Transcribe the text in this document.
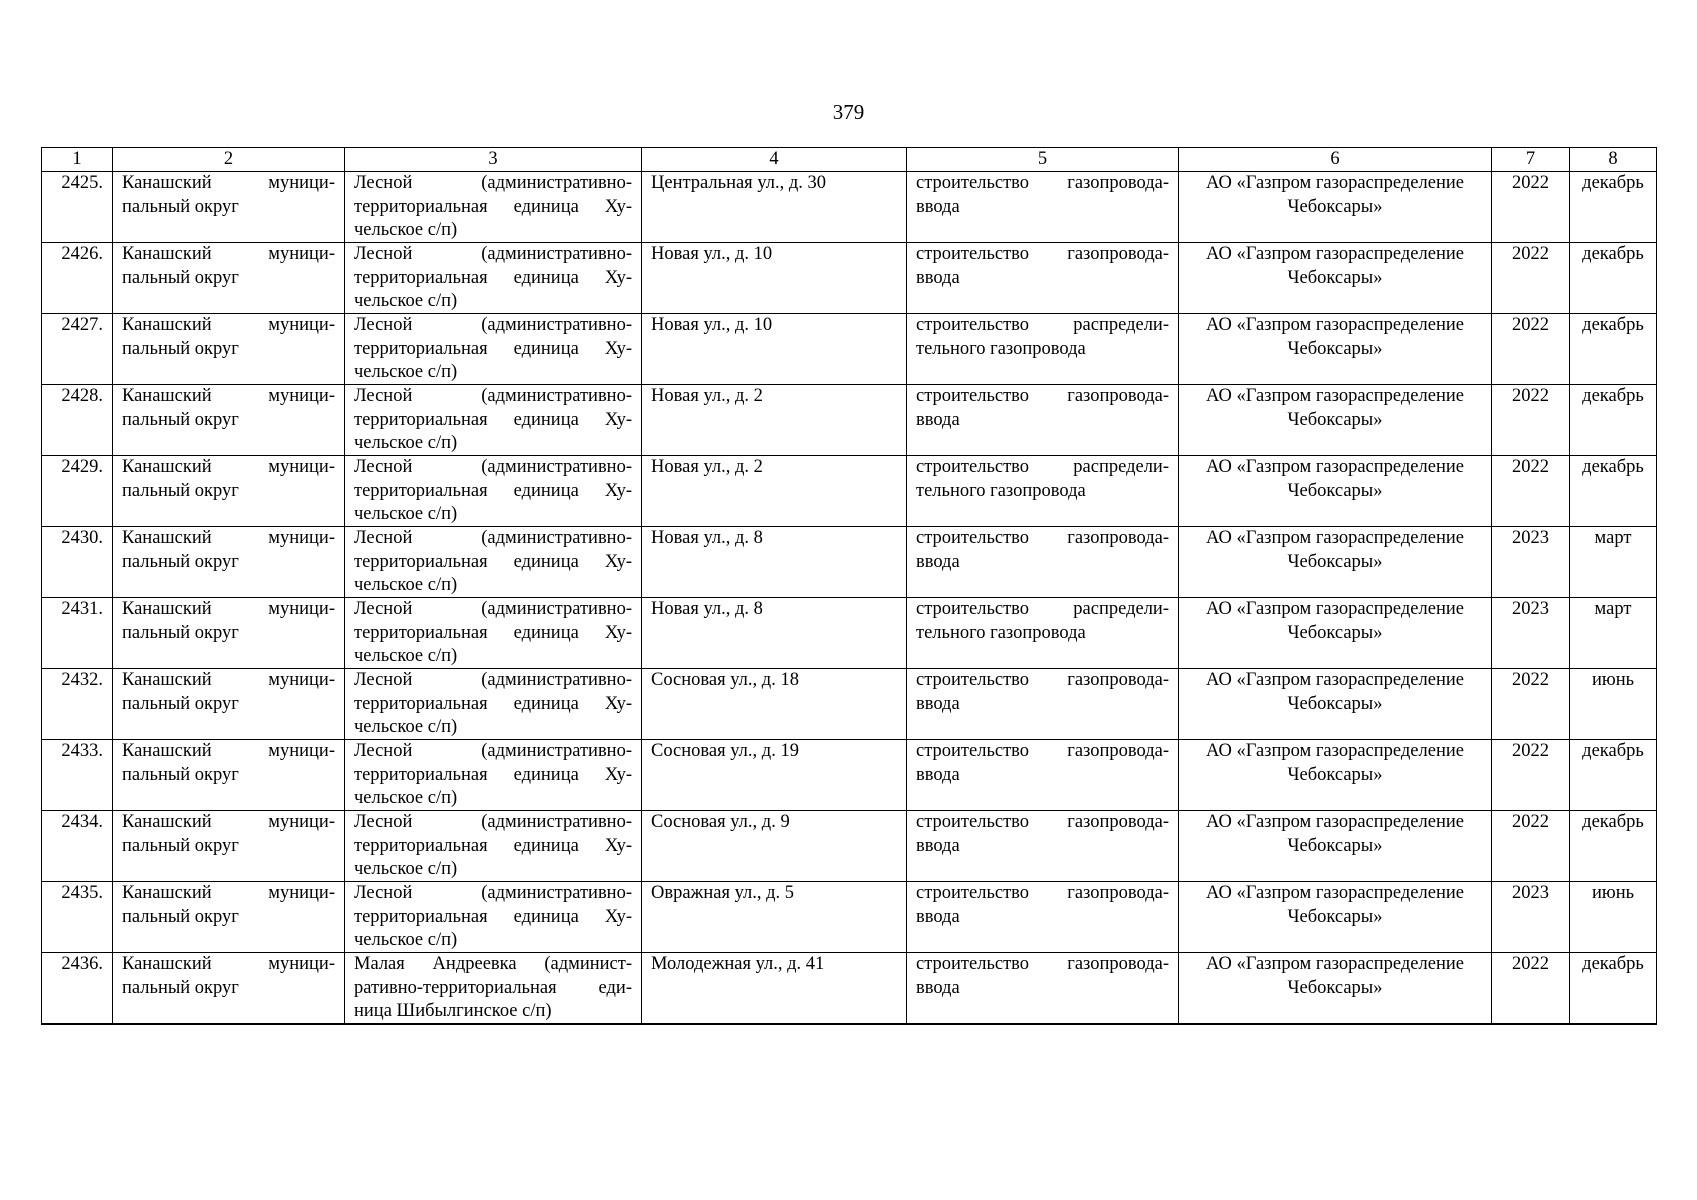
379
1	2	3	4	5	6	7	8
2425.	Канашский муници-пальный округ	Лесной (административно-территориальная единица Ху-чельское с/п)	Центральная ул., д. 30	строительство газопровода-ввода	АО «Газпром газораспределение Чебоксары»	2022	декабрь
2426.	Канашский муници-пальный округ	Лесной (административно-территориальная единица Ху-чельское с/п)	Новая ул., д. 10	строительство газопровода-ввода	АО «Газпром газораспределение Чебоксары»	2022	декабрь
2427.	Канашский муници-пальный округ	Лесной (административно-территориальная единица Ху-чельское с/п)	Новая ул., д. 10	строительство распредели-тельного газопровода	АО «Газпром газораспределение Чебоксары»	2022	декабрь
2428.	Канашский муници-пальный округ	Лесной (административно-территориальная единица Ху-чельское с/п)	Новая ул., д. 2	строительство газопровода-ввода	АО «Газпром газораспределение Чебоксары»	2022	декабрь
2429.	Канашский муници-пальный округ	Лесной (административно-территориальная единица Ху-чельское с/п)	Новая ул., д. 2	строительство распредели-тельного газопровода	АО «Газпром газораспределение Чебоксары»	2022	декабрь
2430.	Канашский муници-пальный округ	Лесной (административно-территориальная единица Ху-чельское с/п)	Новая ул., д. 8	строительство газопровода-ввода	АО «Газпром газораспределение Чебоксары»	2023	март
2431.	Канашский муници-пальный округ	Лесной (административно-территориальная единица Ху-чельское с/п)	Новая ул., д. 8	строительство распредели-тельного газопровода	АО «Газпром газораспределение Чебоксары»	2023	март
2432.	Канашский муници-пальный округ	Лесной (административно-территориальная единица Ху-чельское с/п)	Сосновая ул., д. 18	строительство газопровода-ввода	АО «Газпром газораспределение Чебоксары»	2022	июнь
2433.	Канашский муници-пальный округ	Лесной (административно-территориальная единица Ху-чельское с/п)	Сосновая ул., д. 19	строительство газопровода-ввода	АО «Газпром газораспределение Чебоксары»	2022	декабрь
2434.	Канашский муници-пальный округ	Лесной (административно-территориальная единица Ху-чельское с/п)	Сосновая ул., д. 9	строительство газопровода-ввода	АО «Газпром газораспределение Чебоксары»	2022	декабрь
2435.	Канашский муници-пальный округ	Лесной (административно-территориальная единица Ху-чельское с/п)	Овражная ул., д. 5	строительство газопровода-ввода	АО «Газпром газораспределение Чебоксары»	2023	июнь
2436.	Канашский муници-пальный округ	Малая Андреевка (админист-ративно-территориальная еди-ница Шибылгинское с/п)	Молодежная ул., д. 41	строительство газопровода-ввода	АО «Газпром газораспределение Чебоксары»	2022	декабрь
